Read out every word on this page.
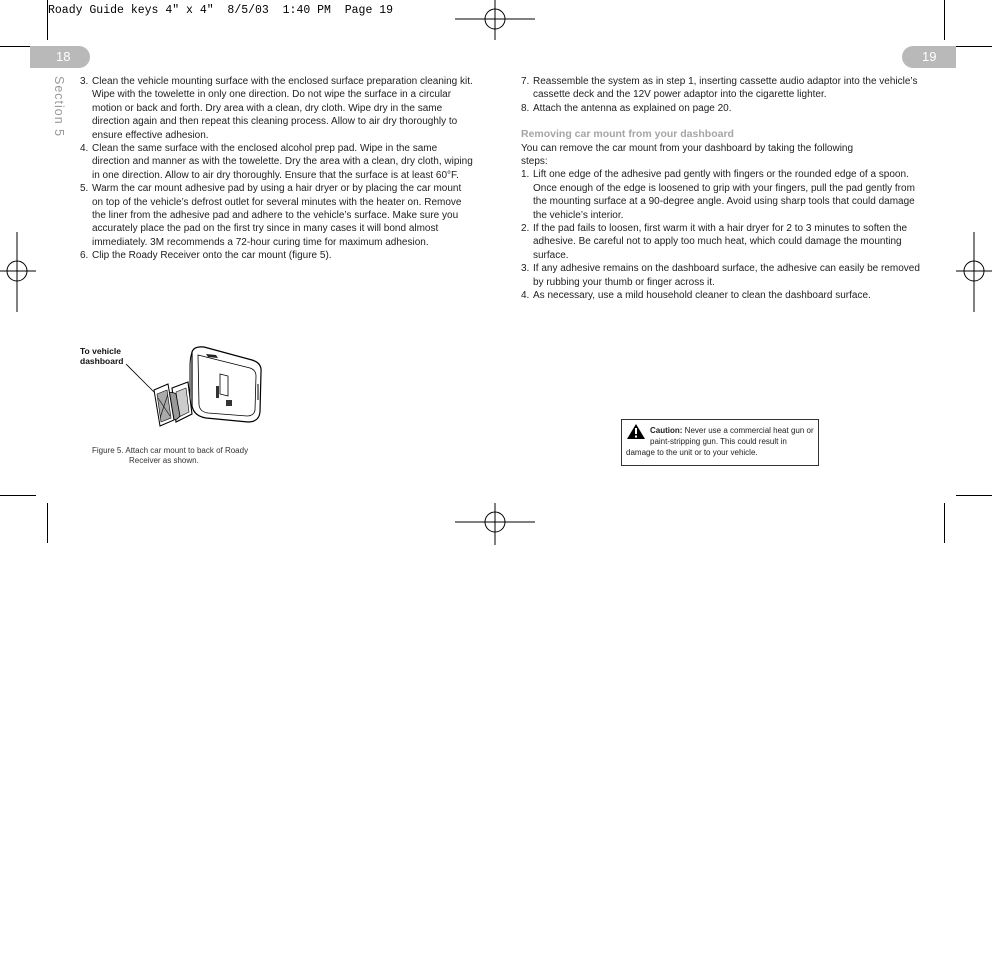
Roady Guide keys 4" x 4"  8/5/03  1:40 PM  Page 19
18	19
Section 5 3. Clean the vehicle mounting surface with the enclosed surface preparation cleaning kit. Wipe with the towelette in only one direction. Do not wipe the surface in a circular motion or back and forth. Dry area with a clean, dry cloth. Wipe dry in the same direction again and then repeat this cleaning process. Allow to air dry thoroughly to ensure effective adhesion.
4. Clean the same surface with the enclosed alcohol prep pad. Wipe in the same direction and manner as with the towelette. Dry the area with a clean, dry cloth, wiping in one direction. Allow to air dry thoroughly. Ensure that the surface is at least 60°F.
5. Warm the car mount adhesive pad by using a hair dryer or by placing the car mount on top of the vehicle’s defrost outlet for several minutes with the heater on. Remove the liner from the adhesive pad and adhere to the vehicle’s surface. Make sure you accurately place the pad on the first try since in many cases it will bond almost immediately. 3M recommends a 72-hour curing time for maximum adhesion.
6. Clip the Roady Receiver onto the car mount (figure 5).
To vehicle
dashboard
Figure 5. Attach car mount to back of Roady
Receiver as shown.
7. Reassemble the system as in step 1, inserting cassette audio adaptor into the vehicle’s cassette deck and the 12V power adaptor into the cigarette lighter.
8. Attach the antenna as explained on page 20.
Removing car mount from your dashboard
You can remove the car mount from your dashboard by taking the following steps:
1. Lift one edge of the adhesive pad gently with fingers or the rounded edge of a spoon. Once enough of the edge is loosened to grip with your fingers, pull the pad gently from the mounting surface at a 90-degree angle. Avoid using sharp tools that could damage the vehicle’s interior.
2. If the pad fails to loosen, first warm it with a hair dryer for 2 to 3 minutes to soften the adhesive. Be careful not to apply too much heat, which could damage the mounting surface.
3. If any adhesive remains on the dashboard surface, the adhesive can easily be removed by rubbing your thumb or finger across it.
4. As necessary, use a mild household cleaner to clean the dashboard surface.
Caution: Never use a commercial heat gun or paint-stripping gun. This could result in damage to the unit or to your vehicle.
